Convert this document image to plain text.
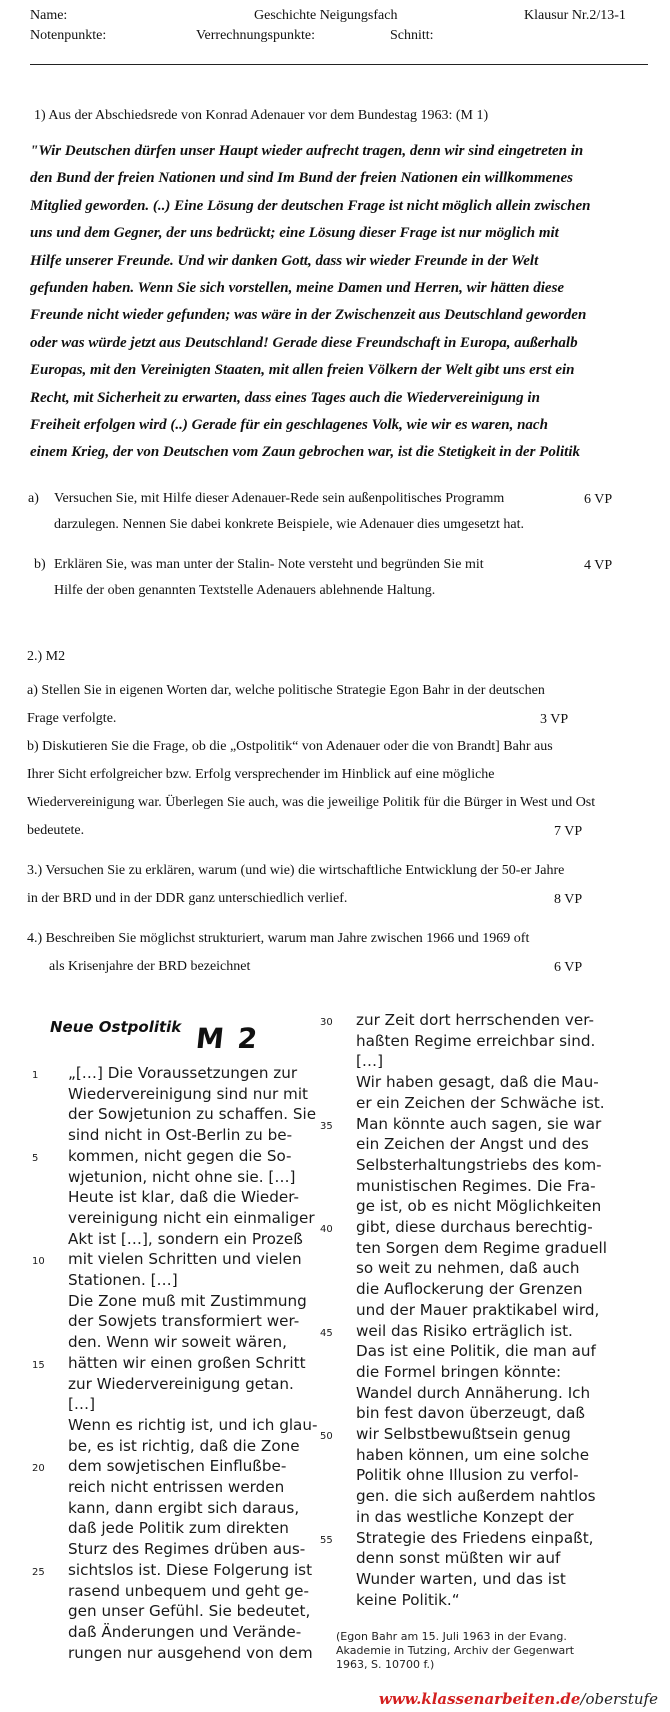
Name:	Geschichte Neigungsfach	Klausur Nr.2/13-1
Notenpunkte:	Verrechnungspunkte:	Schnitt:
1) Aus der Abschiedsrede von Konrad Adenauer vor dem Bundestag 1963: (M 1)
"Wir Deutschen dürfen unser Haupt wieder aufrecht tragen, denn wir sind eingetreten in
den Bund der freien Nationen und sind Im Bund der freien Nationen ein willkommenes
Mitglied geworden. (..) Eine Lösung der deutschen Frage ist nicht möglich allein zwischen
uns und dem Gegner, der uns bedrückt; eine Lösung dieser Frage ist nur möglich mit
Hilfe unserer Freunde. Und wir danken Gott, dass wir wieder Freunde in der Welt
gefunden haben. Wenn Sie sich vorstellen, meine Damen und Herren, wir hätten diese
Freunde nicht wieder gefunden; was wäre in der Zwischenzeit aus Deutschland geworden
oder was würde jetzt aus Deutschland! Gerade diese Freundschaft in Europa, außerhalb
Europas, mit den Vereinigten Staaten, mit allen freien Völkern der Welt gibt uns erst ein
Recht, mit Sicherheit zu erwarten, dass eines Tages auch die Wiedervereinigung in
Freiheit erfolgen wird (..) Gerade für ein geschlagenes Volk, wie wir es waren, nach
einem Krieg, der von Deutschen vom Zaun gebrochen war, ist die Stetigkeit in der Politik
a) Versuchen Sie, mit Hilfe dieser Adenauer-Rede sein außenpolitisches Programm
darzulegen. Nennen Sie dabei konkrete Beispiele, wie Adenauer dies umgesetzt hat.
6 VP
b) Erklären Sie, was man unter der Stalin- Note versteht und begründen Sie mit
Hilfe der oben genannten Textstelle Adenauers ablehnende Haltung.
4 VP
2.) M2
a) Stellen Sie in eigenen Worten dar, welche politische Strategie Egon Bahr in der deutschen
Frage verfolgte.	3 VP
b) Diskutieren Sie die Frage, ob die „Ostpolitik“ von Adenauer oder die von Brandt] Bahr aus
Ihrer Sicht erfolgreicher bzw. Erfolg versprechender im Hinblick auf eine mögliche
Wiedervereinigung war. Überlegen Sie auch, was die jeweilige Politik für die Bürger in West und Ost
bedeutete.	7 VP
3.) Versuchen Sie zu erklären, warum (und wie) die wirtschaftliche Entwicklung der 50-er Jahre
in der BRD und in der DDR ganz unterschiedlich verlief.	8 VP
4.) Beschreiben Sie möglichst strukturiert, warum man Jahre zwischen 1966 und 1969 oft
als Krisenjahre der BRD bezeichnet	6 VP
Neue Ostpolitik M 2
1 „[…] Die Voraussetzungen zur
Wiedervereinigung sind nur mit
der Sowjetunion zu schaffen. Sie
sind nicht in Ost-Berlin zu be-
5 kommen, nicht gegen die So-
wjetunion, nicht ohne sie. […]
Heute ist klar, daß die Wieder-
vereinigung nicht ein einmaliger
Akt ist […], sondern ein Prozeß
10 mit vielen Schritten und vielen
Stationen. […]
Die Zone muß mit Zustimmung
der Sowjets transformiert wer-
den. Wenn wir soweit wären,
15 hätten wir einen großen Schritt
zur Wiedervereinigung getan.
[…]
Wenn es richtig ist, und ich glau-
be, es ist richtig, daß die Zone
20 dem sowjetischen Einflußbe-
reich nicht entrissen werden
kann, dann ergibt sich daraus,
daß jede Politik zum direkten
Sturz des Regimes drüben aus-
25 sichtslos ist. Diese Folgerung ist
rasend unbequem und geht ge-
gen unser Gefühl. Sie bedeutet,
daß Änderungen und Verände-
rungen nur ausgehend von dem
30 zur Zeit dort herrschenden ver-
haßten Regime erreichbar sind.
[…]
Wir haben gesagt, daß die Mau-
er ein Zeichen der Schwäche ist.
35 Man könnte auch sagen, sie war
ein Zeichen der Angst und des
Selbsterhaltungstriebs des kom-
munistischen Regimes. Die Fra-
ge ist, ob es nicht Möglichkeiten
40 gibt, diese durchaus berechtig-
ten Sorgen dem Regime graduell
so weit zu nehmen, daß auch
die Auflockerung der Grenzen
und der Mauer praktikabel wird,
45 weil das Risiko erträglich ist.
Das ist eine Politik, die man auf
die Formel bringen könnte:
Wandel durch Annäherung. Ich
bin fest davon überzeugt, daß
50 wir Selbstbewußtsein genug
haben können, um eine solche
Politik ohne Illusion zu verfol-
gen. die sich außerdem nahtlos
in das westliche Konzept der
55 Strategie des Friedens einpaßt,
denn sonst müßten wir auf
Wunder warten, und das ist
keine Politik.“
(Egon Bahr am 15. Juli 1963 in der Evang.
Akademie in Tutzing, Archiv der Gegenwart
1963, S. 10700 f.)
www.klassenarbeiten.de/oberstufe
